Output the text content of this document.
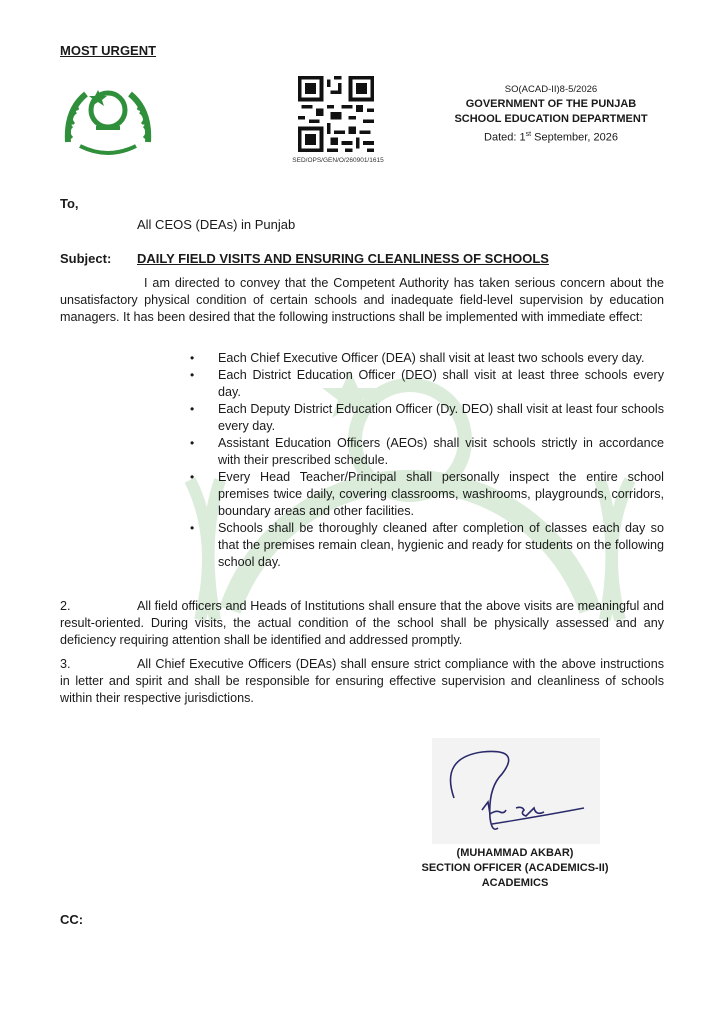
MOST URGENT
SED/OPS/GEN/O/260901/1615
SO(ACAD-II)8-5/2026
GOVERNMENT OF THE PUNJAB
SCHOOL EDUCATION DEPARTMENT
Dated: 1st September, 2026
To,
All CEOS (DEAs) in Punjab
Subject: DAILY FIELD VISITS AND ENSURING CLEANLINESS OF SCHOOLS
I am directed to convey that the Competent Authority has taken serious concern about the unsatisfactory physical condition of certain schools and inadequate field-level supervision by education managers. It has been desired that the following instructions shall be implemented with immediate effect:
• Each Chief Executive Officer (DEA) shall visit at least two schools every day.
• Each District Education Officer (DEO) shall visit at least three schools every day.
• Each Deputy District Education Officer (Dy. DEO) shall visit at least four schools every day.
• Assistant Education Officers (AEOs) shall visit schools strictly in accordance with their prescribed schedule.
• Every Head Teacher/Principal shall personally inspect the entire school premises twice daily, covering classrooms, washrooms, playgrounds, corridors, boundary areas and other facilities.
• Schools shall be thoroughly cleaned after completion of classes each day so that the premises remain clean, hygienic and ready for students on the following school day.
2.	All field officers and Heads of Institutions shall ensure that the above visits are meaningful and result-oriented. During visits, the actual condition of the school shall be physically assessed and any deficiency requiring attention shall be identified and addressed promptly.
3.	All Chief Executive Officers (DEAs) shall ensure strict compliance with the above instructions in letter and spirit and shall be responsible for ensuring effective supervision and cleanliness of schools within their respective jurisdictions.
(MUHAMMAD AKBAR)
SECTION OFFICER (ACADEMICS-II)
ACADEMICS
CC:
